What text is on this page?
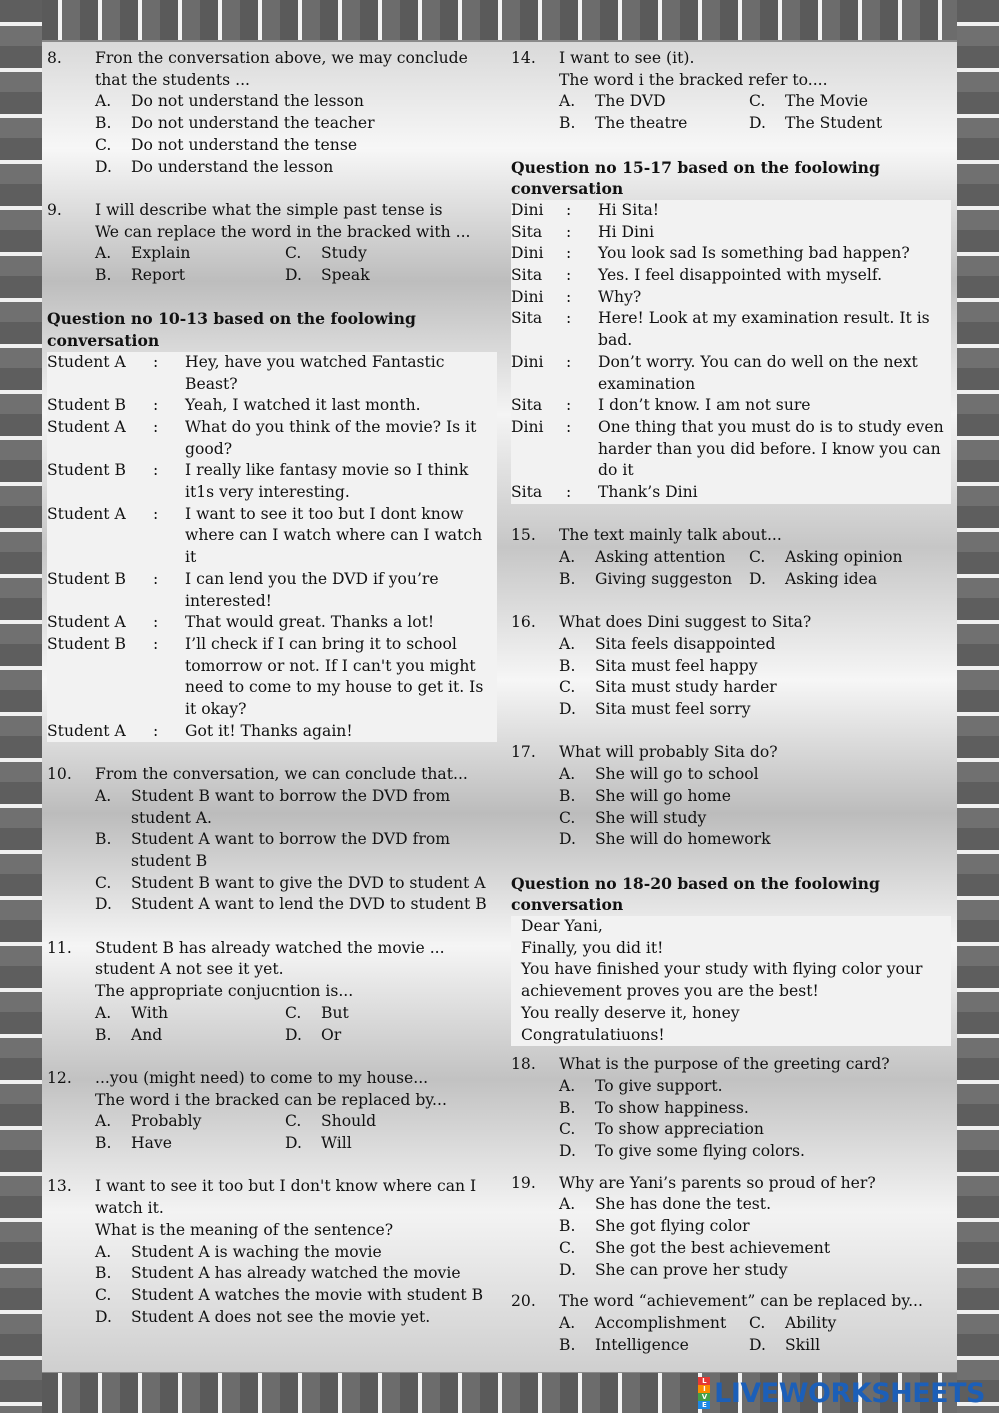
8.	Fron the conversation above, we may conclude
that the students ...
A.	Do not understand the lesson
B.	Do not understand the teacher
C.	Do not understand the tense
D.	Do understand the lesson
9.	I will describe what the simple past tense is
We can replace the word in the bracked with ...
A.	Explain	C.	Study
B.	Report	D.	Speak
Question no 10-13 based on the foolowing
conversation
Student A	:	Hey, have you watched Fantastic
Beast?
Student B	:	Yeah, I watched it last month.
Student A	:	What do you think of the movie? Is it
good?
Student B	:	I really like fantasy movie so I think
it1s very interesting.
Student A	:	I want to see it too but I dont know
where can I watch where can I watch
it
Student B	:	I can lend you the DVD if you’re
interested!
Student A	:	That would great. Thanks a lot!
Student B	:	I’ll check if I can bring it to school
tomorrow or not. If I can't you might
need to come to my house to get it. Is
it okay?
Student A	:	Got it! Thanks again!
10.	From the conversation, we can conclude that...
A.	Student B want to borrow the DVD from
student A.
B.	Student A want to borrow the DVD from
student B
C.	Student B want to give the DVD to student A
D.	Student A want to lend the DVD to student B
11.	Student B has already watched the movie ...
student A not see it yet.
The appropriate conjucntion is...
A.	With	C.	But
B.	And	D.	Or
12.	...you (might need) to come to my house...
The word i the bracked can be replaced by...
A.	Probably	C.	Should
B.	Have	D.	Will
13.	I want to see it too but I don't know where can I
watch it.
What is the meaning of the sentence?
A.	Student A is waching the movie
B.	Student A has already watched the movie
C.	Student A watches the movie with student B
D.	Student A does not see the movie yet.
14.	I want to see (it).
The word i the bracked refer to....
A.	The DVD	C.	The Movie
B.	The theatre	D.	The Student
Question no 15-17 based on the foolowing
conversation
Dini	:	Hi Sita!
Sita	:	Hi Dini
Dini	:	You look sad Is something bad happen?
Sita	:	Yes. I feel disappointed with myself.
Dini	:	Why?
Sita	:	Here! Look at my examination result. It is
bad.
Dini	:	Don’t worry. You can do well on the next
examination
Sita	:	I don’t know. I am not sure
Dini	:	One thing that you must do is to study even
harder than you did before. I know you can
do it
Sita	:	Thank’s Dini
15.	The text mainly talk about...
A.	Asking attention C.	Asking opinion
B.	Giving suggeston D.	Asking idea
16.	What does Dini suggest to Sita?
A.	Sita feels disappointed
B.	Sita must feel happy
C.	Sita must study harder
D.	Sita must feel sorry
17.	What will probably Sita do?
A.	She will go to school
B.	She will go home
C.	She will study
D.	She will do homework
Question no 18-20 based on the foolowing
conversation
Dear Yani,
Finally, you did it!
You have finished your study with flying color your
achievement proves you are the best!
You really deserve it, honey
Congratulatiuons!
18.	What is the purpose of the greeting card?
A.	To give support.
B.	To show happiness.
C.	To show appreciation
D.	To give some flying colors.
19.	Why are Yani’s parents so proud of her?
A.	She has done the test.
B.	She got flying color
C.	She got the best achievement
D.	She can prove her study
20.	The word “achievement” can be replaced by...
A.	Accomplishment C.	Ability
B.	Intelligence	D.	Skill
L
I
V
E LIVEWORKSHEETS
